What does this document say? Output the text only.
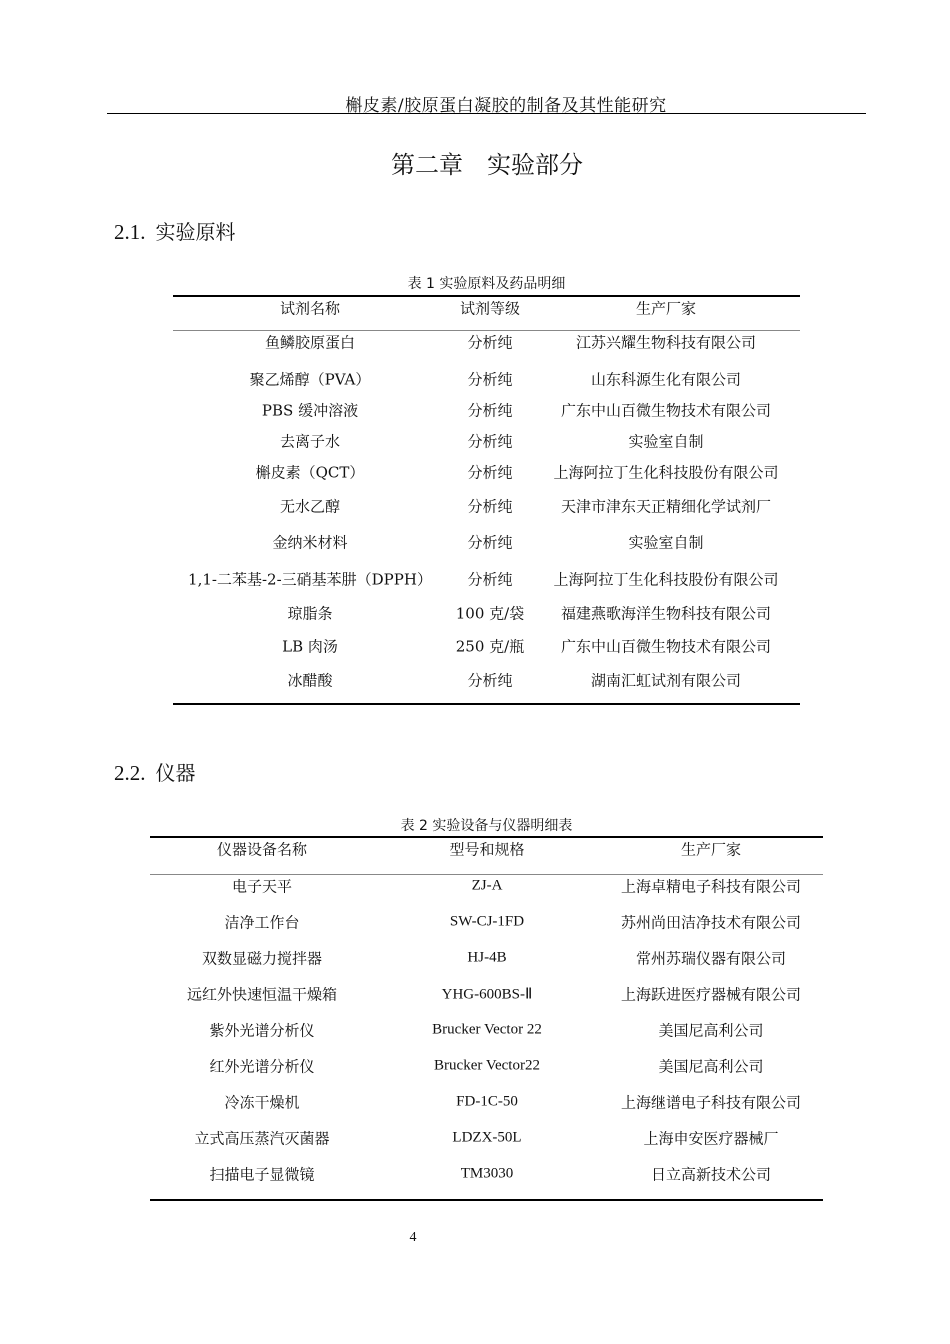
槲皮素/胶原蛋白凝胶的制备及其性能研究
第二章 实验部分
2.1. 实验原料
表 1 实验原料及药品明细
试剂名称	试剂等级	生产厂家
鱼鳞胶原蛋白	分析纯	江苏兴耀生物科技有限公司
聚乙烯醇（PVA）	分析纯	山东科源生化有限公司
PBS 缓冲溶液	分析纯	广东中山百微生物技术有限公司
去离子水	分析纯	实验室自制
槲皮素（QCT）	分析纯	上海阿拉丁生化科技股份有限公司
无水乙醇	分析纯	天津市津东天正精细化学试剂厂
金纳米材料	分析纯	实验室自制
1,1-二苯基-2-三硝基苯肼（DPPH）	分析纯	上海阿拉丁生化科技股份有限公司
琼脂条	100 克/袋	福建燕歌海洋生物科技有限公司
LB 肉汤	250 克/瓶	广东中山百微生物技术有限公司
冰醋酸	分析纯	湖南汇虹试剂有限公司
2.2. 仪器
表 2 实验设备与仪器明细表
仪器设备名称	型号和规格	生产厂家
电子天平	ZJ-A	上海卓精电子科技有限公司
洁净工作台	SW-CJ-1FD	苏州尚田洁净技术有限公司
双数显磁力搅拌器	HJ-4B	常州苏瑞仪器有限公司
远红外快速恒温干燥箱	YHG-600BS-Ⅱ	上海跃进医疗器械有限公司
紫外光谱分析仪	Brucker Vector 22	美国尼高利公司
红外光谱分析仪	Brucker Vector22	美国尼高利公司
冷冻干燥机	FD-1C-50	上海继谱电子科技有限公司
立式高压蒸汽灭菌器	LDZX-50L	上海申安医疗器械厂
扫描电子显微镜	TM3030	日立高新技术公司
4
